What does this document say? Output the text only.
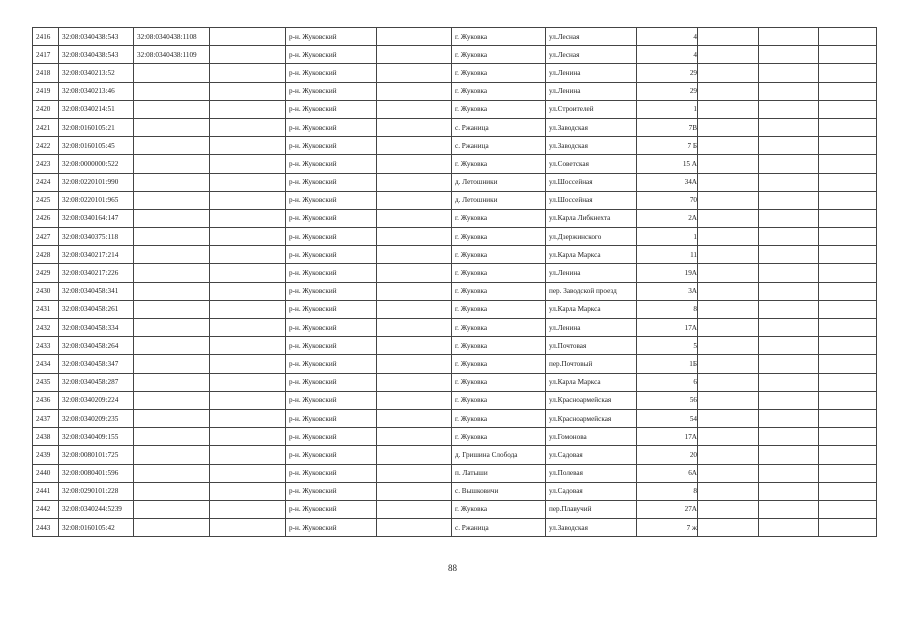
2416	32:08:0340438:543	32:08:0340438:1108		р-н. Жуковский		г. Жуковка	ул.Лесная	4			
2417	32:08:0340438:543	32:08:0340438:1109		р-н. Жуковский		г. Жуковка	ул.Лесная	4			
2418	32:08:0340213:52			р-н. Жуковский		г. Жуковка	ул.Ленина	29			
2419	32:08:0340213:46			р-н. Жуковский		г. Жуковка	ул.Ленина	29			
2420	32:08:0340214:51			р-н. Жуковский		г. Жуковка	ул.Строителей	1			
2421	32:08:0160105:21			р-н. Жуковский		с. Ржаница	ул.Заводская	7В			
2422	32:08:0160105:45			р-н. Жуковский		с. Ржаница	ул.Заводская	7 Б			
2423	32:08:0000000:522			р-н. Жуковский		г. Жуковка	ул.Советская	15 А			
2424	32:08:0220101:990			р-н. Жуковский		д. Летошники	ул.Шоссейная	34А			
2425	32:08:0220101:965			р-н. Жуковский		д. Летошники	ул.Шоссейная	70			
2426	32:08:0340164:147			р-н. Жуковский		г. Жуковка	ул.Карла Либкнехта	2А			
2427	32:08:0340375:118			р-н. Жуковский		г. Жуковка	ул.Дзержинского	1			
2428	32:08:0340217:214			р-н. Жуковский		г. Жуковка	ул.Карла Маркса	11			
2429	32:08:0340217:226			р-н. Жуковский		г. Жуковка	ул.Ленина	19А			
2430	32:08:0340458:341			р-н. Жуковский		г. Жуковка	пер. Заводской проезд	3А			
2431	32:08:0340458:261			р-н. Жуковский		г. Жуковка	ул.Карла Маркса	8			
2432	32:08:0340458:334			р-н. Жуковский		г. Жуковка	ул.Ленина	17А			
2433	32:08:0340458:264			р-н. Жуковский		г. Жуковка	ул.Почтовая	5			
2434	32:08:0340458:347			р-н. Жуковский		г. Жуковка	пер.Почтовый	1Б			
2435	32:08:0340458:287			р-н. Жуковский		г. Жуковка	ул.Карла Маркса	6			
2436	32:08:0340209:224			р-н. Жуковский		г. Жуковка	ул.Красноармейская	56			
2437	32:08:0340209:235			р-н. Жуковский		г. Жуковка	ул.Красноармейская	54			
2438	32:08:0340409:155			р-н. Жуковский		г. Жуковка	ул.Гомонова	17А			
2439	32:08:0080101:725			р-н. Жуковский		д. Гришина Слобода	ул.Садовая	20			
2440	32:08:0080401:596			р-н. Жуковский		п. Латыши	ул.Полевая	6А			
2441	32:08:0290101:228			р-н. Жуковский		с. Вышковичи	ул.Садовая	8			
2442	32:08:0340244:5239			р-н. Жуковский		г. Жуковка	пер.Плавучий	27А			
2443	32:08:0160105:42			р-н. Жуковский		с. Ржаница	ул.Заводская	7 ж			
88
